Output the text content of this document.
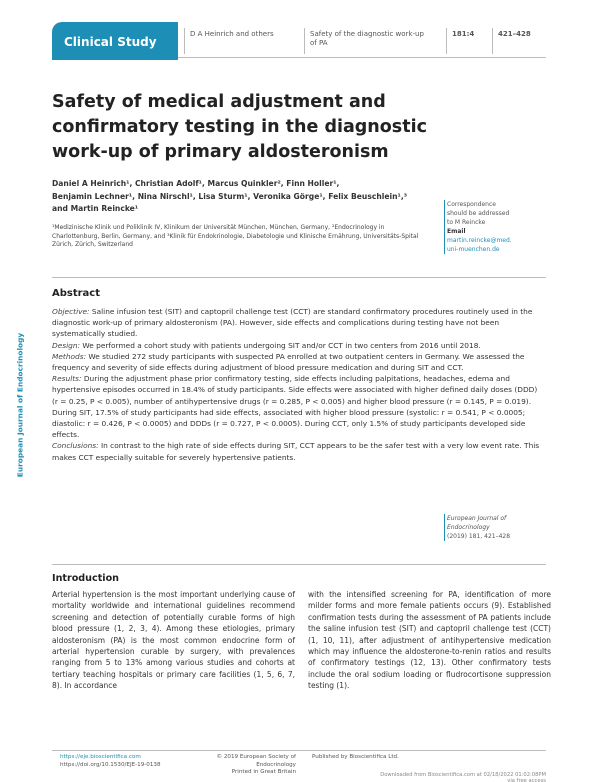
Clinical Study
D A Heinrich and others	Safety of the diagnostic work-up
of PA
181:4	421–428
Safety of medical adjustment and confirmatory testing in the diagnostic work-up of primary aldosteronism
Daniel A Heinrich¹, Christian Adolf¹, Marcus Quinkler², Finn Holler¹,
Benjamin Lechner¹, Nina Nirschl¹, Lisa Sturm¹, Veronika Görge¹, Felix Beuschlein¹,³
and Martin Reincke¹
¹Medizinische Klinik und Poliklinik IV, Klinikum der Universität München, München, Germany, ²Endocrinology in Charlottenburg, Berlin, Germany, and ³Klinik für Endokrinologie, Diabetologie und Klinische Ernährung, Universitäts-Spital Zürich, Zürich, Switzerland
Correspondence
should be addressed
to M Reincke
Email
martin.reincke@med.
uni-muenchen.de
Abstract
European Journal of Endocrinology

Objective: Saline infusion test (SIT) and captopril challenge test (CCT) are standard confirmatory procedures routinely used in the diagnostic work-up of primary aldosteronism (PA). However, side effects and complications during testing have not been systematically studied.

Design: We performed a cohort study with patients undergoing SIT and/or CCT in two centers from 2016 until 2018.

Methods: We studied 272 study participants with suspected PA enrolled at two outpatient centers in Germany. We assessed the frequency and severity of side effects during adjustment of blood pressure medication and during SIT and CCT.

Results: During the adjustment phase prior confirmatory testing, side effects including palpitations, headaches, edema and hypertensive episodes occurred in 18.4% of study participants. Side effects were associated with higher defined daily doses (DDD) (r = 0.25, P < 0.005), number of antihypertensive drugs (r = 0.285, P < 0.005) and higher blood pressure (r = 0.145, P = 0.019). During SIT, 17.5% of study participants had side effects, associated with higher blood pressure (systolic: r = 0.541, P < 0.0005; diastolic: r = 0.426, P < 0.0005) and DDDs (r = 0.727, P < 0.0005). During CCT, only 1.5% of study participants developed side effects.

Conclusions: In contrast to the high rate of side effects during SIT, CCT appears to be the safer test with a very low event rate. This makes CCT especially suitable for severely hypertensive patients.

European Journal of
Endocrinology
(2019) 181, 421–428
Introduction
Arterial hypertension is the most important underlying cause of mortality worldwide and international guidelines recommend screening and detection of potentially curable forms of high blood pressure (1, 2, 3, 4). Among these etiologies, primary aldosteronism (PA) is the most common endocrine form of arterial hypertension curable by surgery, with prevalences ranging from 5 to 13% among various studies and cohorts at tertiary teaching hospitals or primary care facilities (1, 5, 6, 7, 8). In accordance
with the intensified screening for PA, identification of more milder forms and more female patients occurs (9). Established confirmation tests during the assessment of PA patients include the saline infusion test (SIT) and captopril challenge test (CCT) (1, 10, 11), after adjustment of antihypertensive medication which may influence the aldosterone-to-renin ratios and results of confirmatory testings (12, 13). Other confirmatory tests include the oral sodium loading or fludrocortisone suppression testing (1).
https://eje.bioscientifica.com
https://doi.org/10.1530/EJE-19-0138
© 2019 European Society of Endocrinology
Printed in Great Britain
Published by Bioscientifica Ltd.
Downloaded from Bioscientifica.com at 02/18/2022 01:02:08PM
via free access
